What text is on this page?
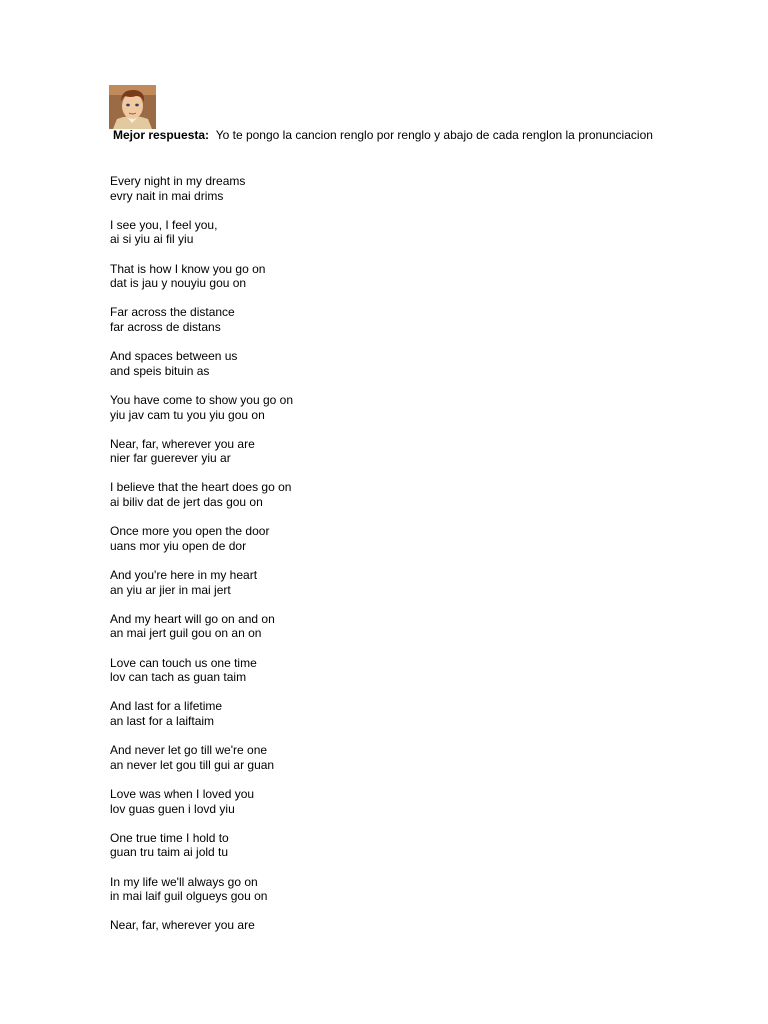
Mejor respuesta: Yo te pongo la cancion renglo por renglo y abajo de cada renglon la pronunciacion
Every night in my dreams
evry nait in mai drims
I see you, I feel you,
ai si yiu ai fil yiu
That is how I know you go on
dat is jau y nouyiu gou on
Far across the distance
far across de distans
And spaces between us
and speis bituin as
You have come to show you go on
yiu jav cam tu you yiu gou on
Near, far, wherever you are
nier far guerever yiu ar
I believe that the heart does go on
ai biliv dat de jert das gou on
Once more you open the door
uans mor yiu open de dor
And you're here in my heart
an yiu ar jier in mai jert
And my heart will go on and on
an mai jert guil gou on an on
Love can touch us one time
lov can tach as guan taim
And last for a lifetime
an last for a laiftaim
And never let go till we're one
an never let gou till gui ar guan
Love was when I loved you
lov guas guen i lovd yiu
One true time I hold to
guan tru taim ai jold tu
In my life we'll always go on
in mai laif guil olgueys gou on
Near, far, wherever you are
